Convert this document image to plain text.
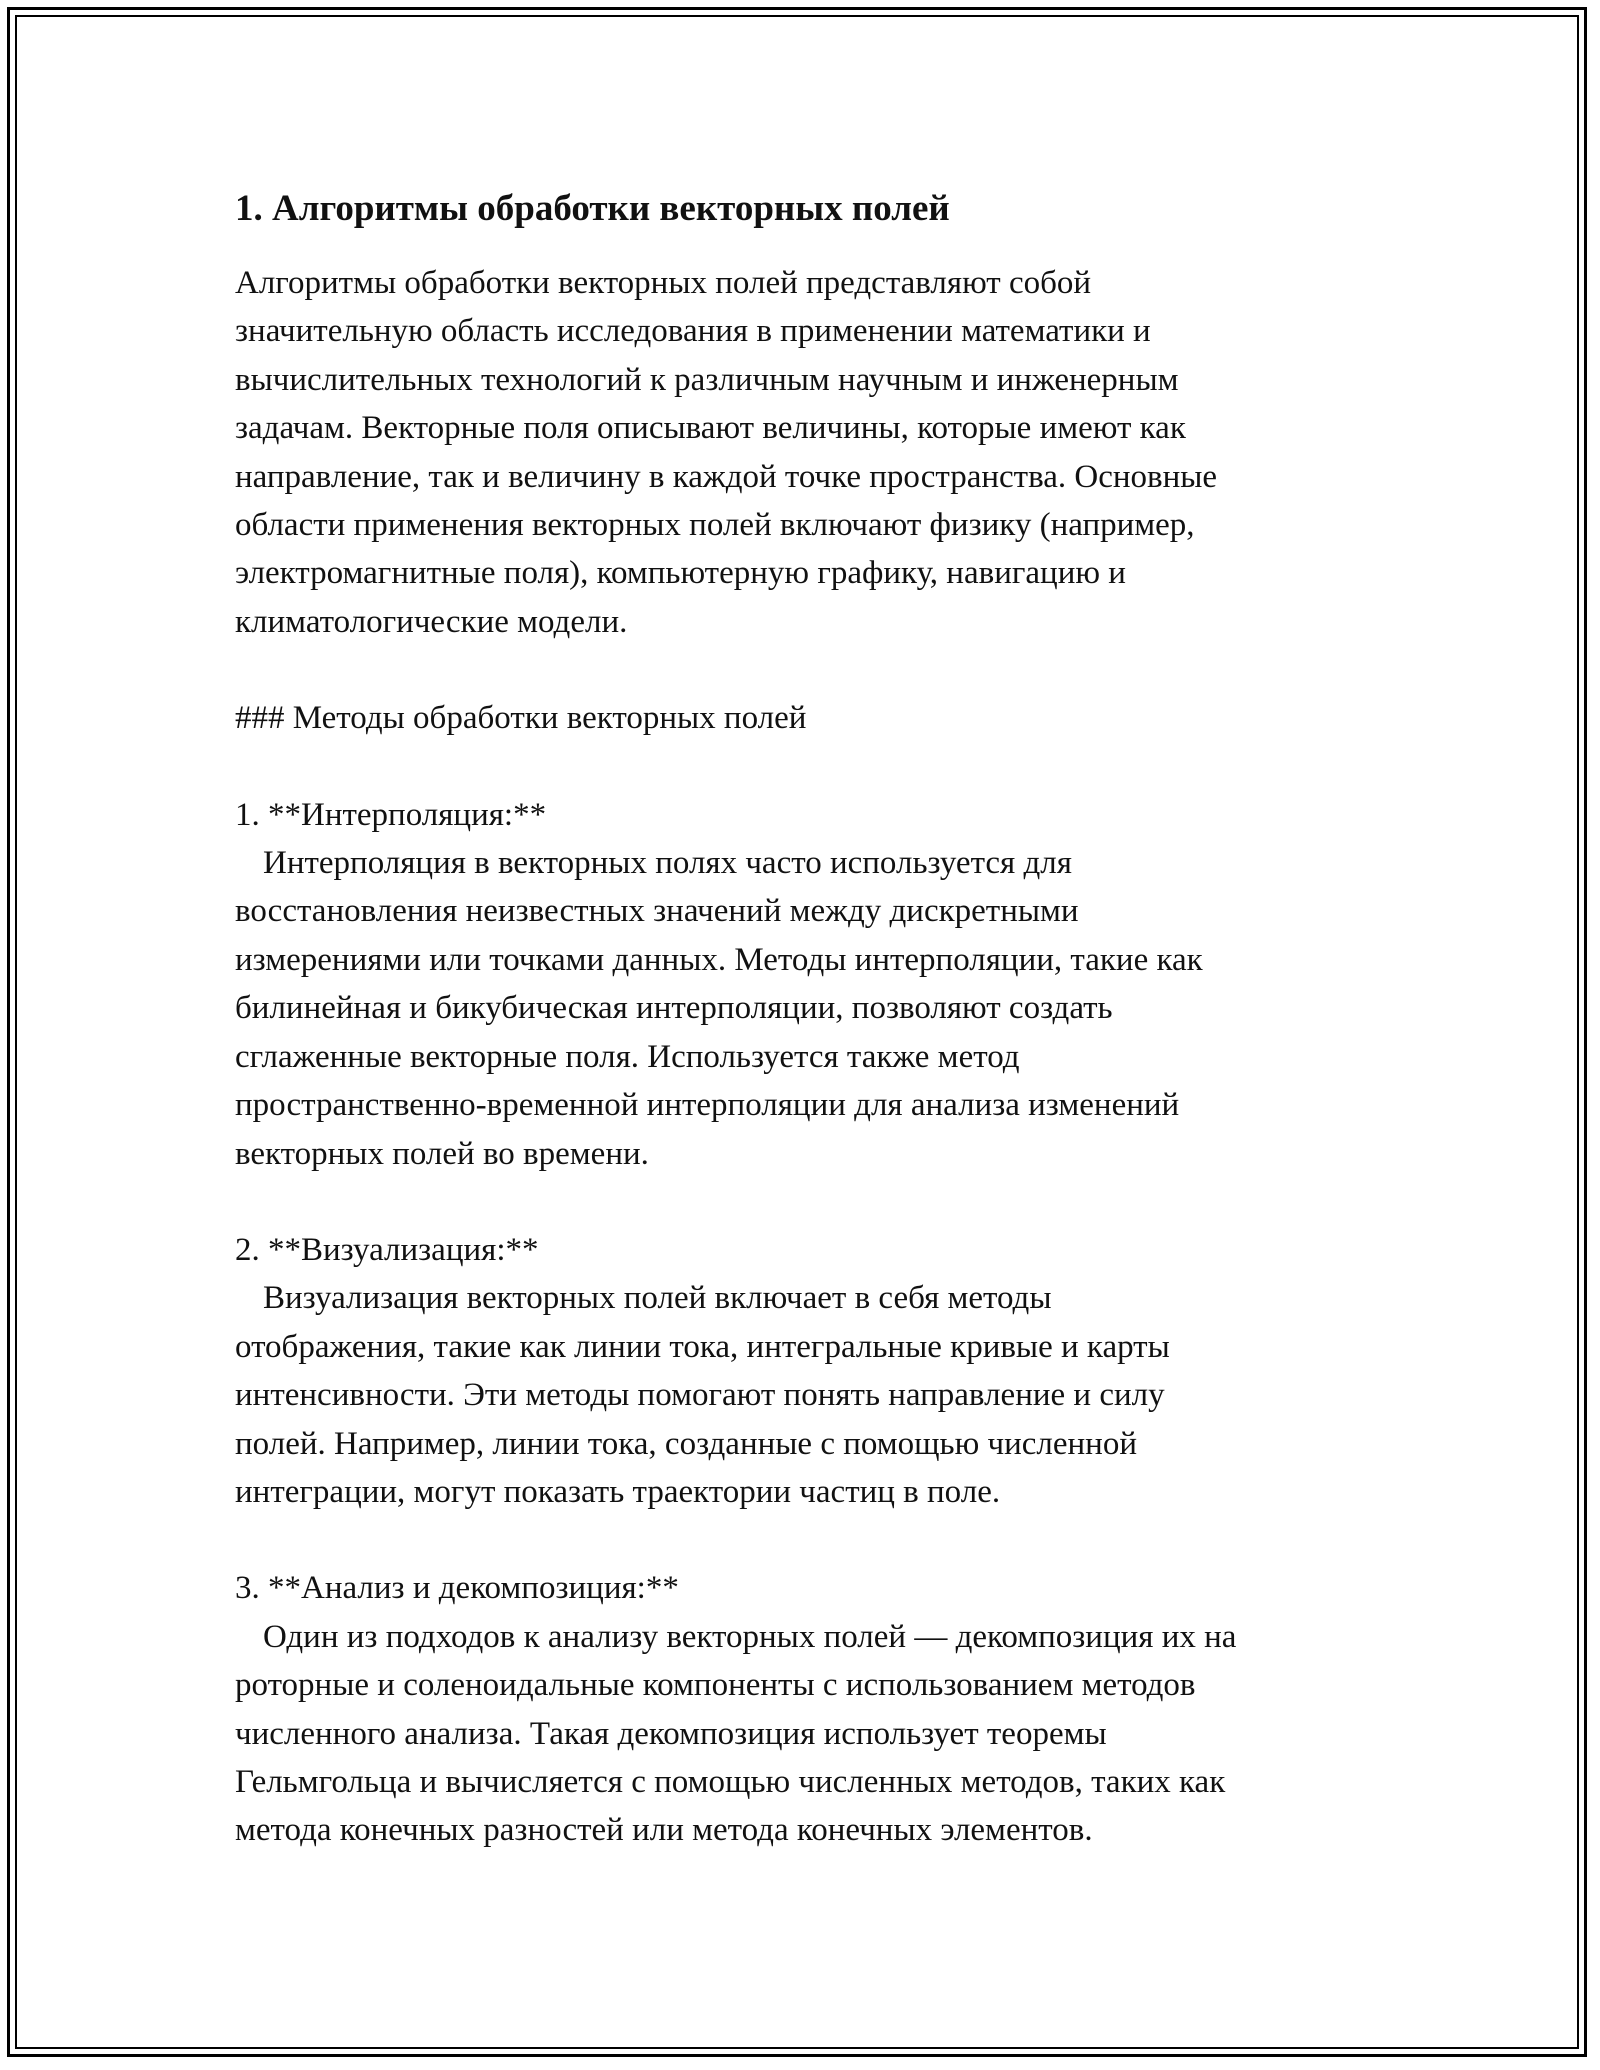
1. Алгоритмы обработки векторных полей
Алгоритмы обработки векторных полей представляют собой
значительную область исследования в применении математики и
вычислительных технологий к различным научным и инженерным
задачам. Векторные поля описывают величины, которые имеют как
направление, так и величину в каждой точке пространства. Основные
области применения векторных полей включают физику (например,
электромагнитные поля), компьютерную графику, навигацию и
климатологические модели.
### Методы обработки векторных полей
1. **Интерполяция:**
Интерполяция в векторных полях часто используется для
восстановления неизвестных значений между дискретными
измерениями или точками данных. Методы интерполяции, такие как
билинейная и бикубическая интерполяции, позволяют создать
сглаженные векторные поля. Используется также метод
пространственно-временной интерполяции для анализа изменений
векторных полей во времени.
2. **Визуализация:**
Визуализация векторных полей включает в себя методы
отображения, такие как линии тока, интегральные кривые и карты
интенсивности. Эти методы помогают понять направление и силу
полей. Например, линии тока, созданные с помощью численной
интеграции, могут показать траектории частиц в поле.
3. **Анализ и декомпозиция:**
Один из подходов к анализу векторных полей — декомпозиция их на
роторные и соленоидальные компоненты с использованием методов
численного анализа. Такая декомпозиция использует теоремы
Гельмгольца и вычисляется с помощью численных методов, таких как
метода конечных разностей или метода конечных элементов.
